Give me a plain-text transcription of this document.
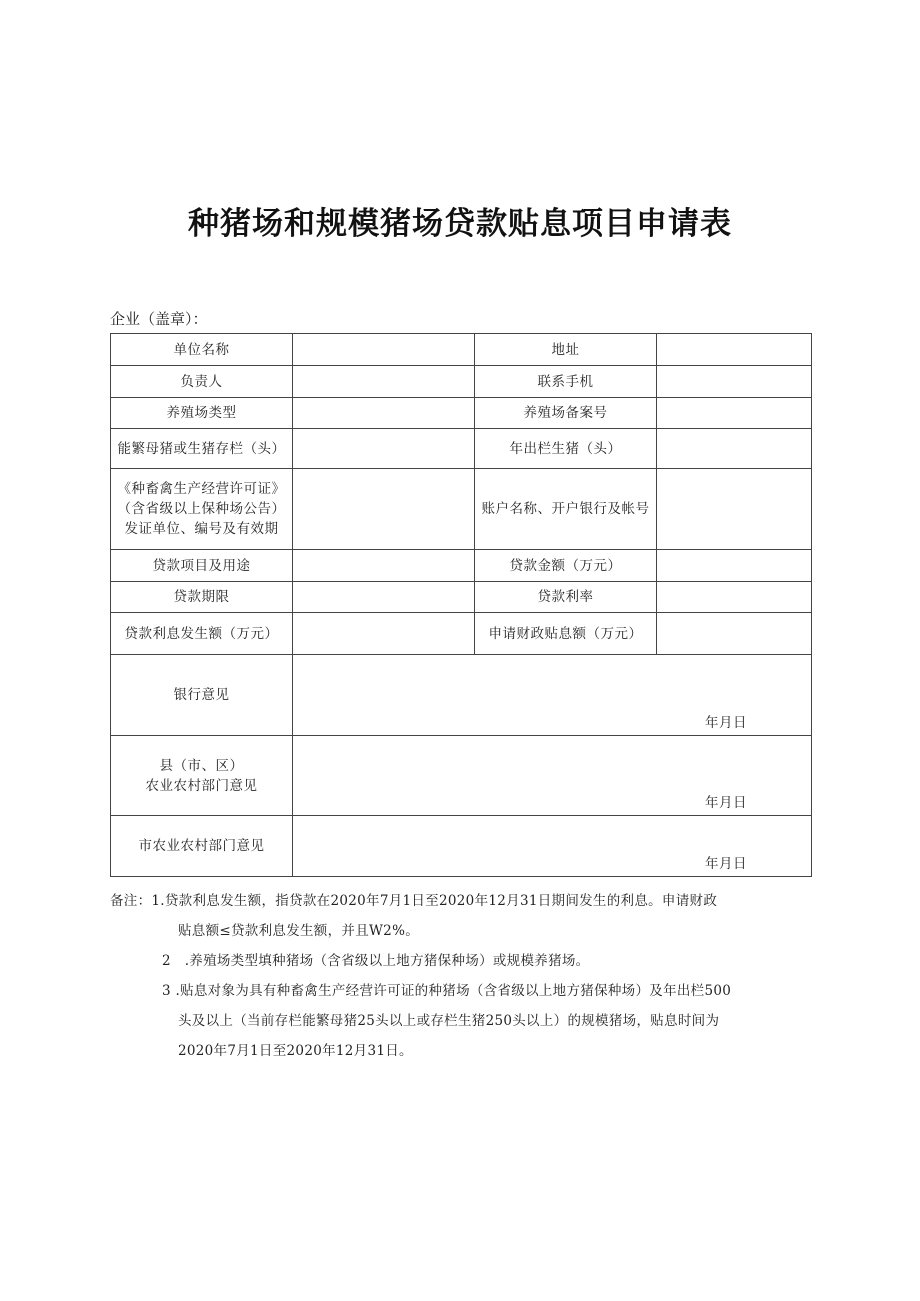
种猪场和规模猪场贷款贴息项目申请表
企业（盖章）：
单位名称		地址	
负责人		联系手机	
养殖场类型		养殖场备案号	
能繁母猪或生猪存栏（头）		年出栏生猪（头）	
《种畜禽生产经营许可证》（含省级以上保种场公告）发证单位、编号及有效期		账户名称、开户银行及帐号	
贷款项目及用途		贷款金额（万元）	
贷款期限		贷款利率	
贷款利息发生额（万元）		申请财政贴息额（万元）	
银行意见	年月日		

县（市、区）
农业农村部门意见	年月日		

市农业农村部门意见	年月日		
备注：1.贷款利息发生额，指贷款在2020年7月1日至2020年12月31日期间发生的利息。申请财政
贴息额≤贷款利息发生额，并且W2%。
2　.养殖场类型填种猪场（含省级以上地方猪保种场）或规模养猪场。
3 .贴息对象为具有种畜禽生产经营许可证的种猪场（含省级以上地方猪保种场）及年出栏500
头及以上（当前存栏能繁母猪25头以上或存栏生猪250头以上）的规模猪场，贴息时间为
2020年7月1日至2020年12月31日。
